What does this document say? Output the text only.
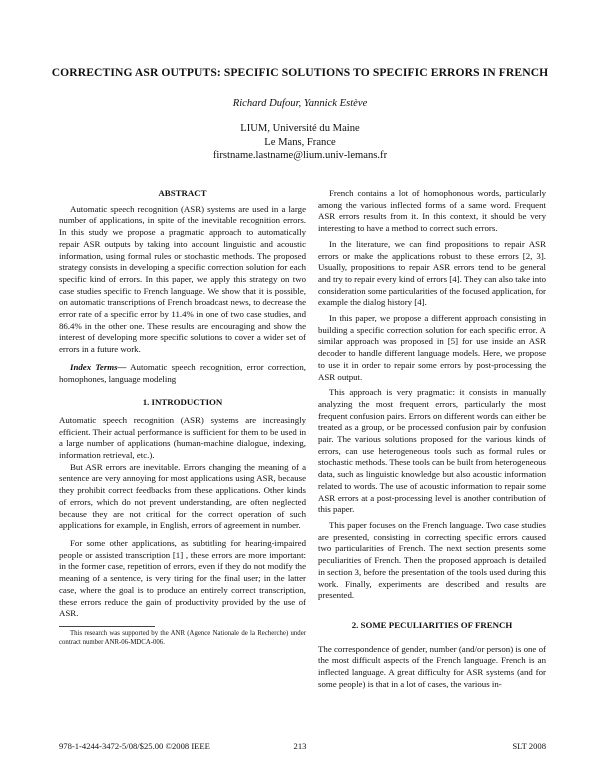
CORRECTING ASR OUTPUTS: SPECIFIC SOLUTIONS TO SPECIFIC ERRORS IN FRENCH
Richard Dufour, Yannick Estève
LIUM, Université du Maine
Le Mans, France
firstname.lastname@lium.univ-lemans.fr
ABSTRACT

Automatic speech recognition (ASR) systems are used in a large number of applications, in spite of the inevitable recognition errors. In this study we propose a pragmatic approach to automatically repair ASR outputs by taking into account linguistic and acoustic information, using formal rules or stochastic methods. The proposed strategy consists in developing a specific correction solution for each specific kind of errors. In this paper, we apply this strategy on two case studies specific to French language. We show that it is possible, on automatic transcriptions of French broadcast news, to decrease the error rate of a specific error by 11.4% in one of two case studies, and 86.4% in the other one. These results are encouraging and show the interest of developing more specific solutions to cover a wider set of errors in a future work.

Index Terms— Automatic speech recognition, error correction, homophones, language modeling

1. INTRODUCTION

Automatic speech recognition (ASR) systems are increasingly efficient. Their actual performance is sufficient for them to be used in a large number of applications (human-machine dialogue, indexing, information retrieval, etc.).

But ASR errors are inevitable. Errors changing the meaning of a sentence are very annoying for most applications using ASR, because they prohibit correct feedbacks from these applications. Other kinds of errors, which do not prevent understanding, are often neglected because they are not critical for the correct operation of such applications for example, in English, errors of agreement in number.

For some other applications, as subtitling for hearing-impaired people or assisted transcription [1] , these errors are more important: in the former case, repetition of errors, even if they do not modify the meaning of a sentence, is very tiring for the final user; in the latter case, where the goal is to produce an entirely correct transcription, these errors reduce the gain of productivity provided by the use of ASR.

This research was supported by the ANR (Agence Nationale de la Recherche) under contract number ANR-06-MDCA-006.

French contains a lot of homophonous words, particularly among the various inflected forms of a same word. Frequent ASR errors results from it. In this context, it should be very interesting to have a method to correct such errors.

In the literature, we can find propositions to repair ASR errors or make the applications robust to these errors [2, 3]. Usually, propositions to repair ASR errors tend to be general and try to repair every kind of errors [4]. They can also take into consideration some particularities of the focused application, for example the dialog history [4].

In this paper, we propose a different approach consisting in building a specific correction solution for each specific error. A similar approach was proposed in [5] for use inside an ASR decoder to handle different language models. Here, we propose to use it in order to repair some errors by post-processing the ASR output.

This approach is very pragmatic: it consists in manually analyzing the most frequent errors, particularly the most frequent confusion pairs. Errors on different words can either be treated as a group, or be processed confusion pair by confusion pair. The various solutions proposed for the various kinds of errors, can use heterogeneous tools such as formal rules or stochastic methods. These tools can be built from heterogeneous data, such as linguistic knowledge but also acoustic information related to words. The use of acoustic information to repair some ASR errors at a post-processing level is another contribution of this paper.

This paper focuses on the French language. Two case studies are presented, consisting in correcting specific errors caused two particularities of French. The next section presents some peculiarities of French. Then the proposed approach is detailed in section 3, before the presentation of the tools used during this work. Finally, experiments are described and results are presented.

2. SOME PECULIARITIES OF FRENCH

The correspondence of gender, number (and/or person) is one of the most difficult aspects of the French language. French is an inflected language. A great difficulty for ASR systems (and for some people) is that in a lot of cases, the various in-

978-1-4244-3472-5/08/$25.00 ©2008 IEEE	213	SLT 2008
